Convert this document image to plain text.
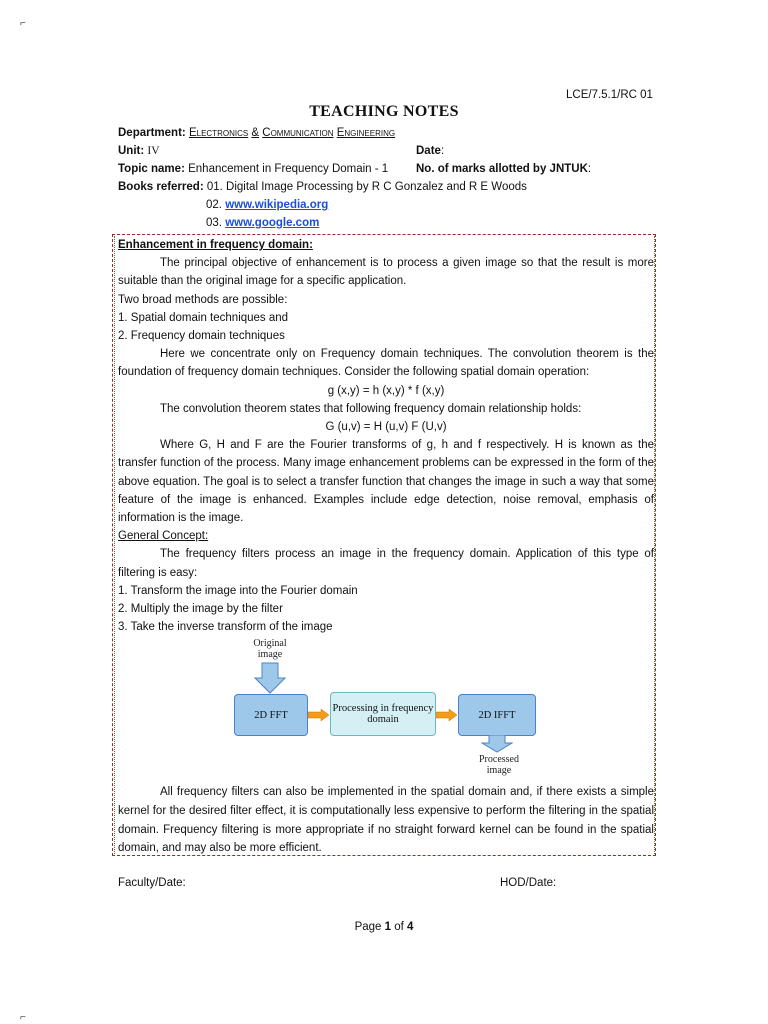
⌐
⌐
LCE/7.5.1/RC 01
TEACHING NOTES
Department: Electronics & Communication Engineering
Unit: IV	Date:
Topic name: Enhancement in Frequency Domain - 1 No. of marks allotted by JNTUK:
Books referred: 01. Digital Image Processing by R C Gonzalez and R E Woods
02. www.wikipedia.org
03. www.google.com

Enhancement in frequency domain:

The principal objective of enhancement is to process a given image so that the result is more suitable than the original image for a specific application.

Two broad methods are possible:

1. Spatial domain techniques and

2. Frequency domain techniques

Here we concentrate only on Frequency domain techniques. The convolution theorem is the foundation of frequency domain techniques. Consider the following spatial domain operation:

g (x,y) = h (x,y) * f (x,y)

The convolution theorem states that following frequency domain relationship holds:

G (u,v) = H (u,v) F (U,v)

Where G, H and F are the Fourier transforms of g, h and f respectively. H is known as the transfer function of the process. Many image enhancement problems can be expressed in the form of the above equation. The goal is to select a transfer function that changes the image in such a way that some feature of the image is enhanced. Examples include edge detection, noise removal, emphasis of information is the image.

General Concept:

The frequency filters process an image in the frequency domain. Application of this type of filtering is easy:

1. Transform the image into the Fourier domain

2. Multiply the image by the filter

3. Take the inverse transform of the image

Original image
2D FFT
Processing in frequency domain	2D IFFT
Processed image

All frequency filters can also be implemented in the spatial domain and, if there exists a simple kernel for the desired filter effect, it is computationally less expensive to perform the filtering in the spatial domain. Frequency filtering is more appropriate if no straight forward kernel can be found in the spatial domain, and may also be more efficient.

Faculty/Date:	HOD/Date:
Page 1 of 4
